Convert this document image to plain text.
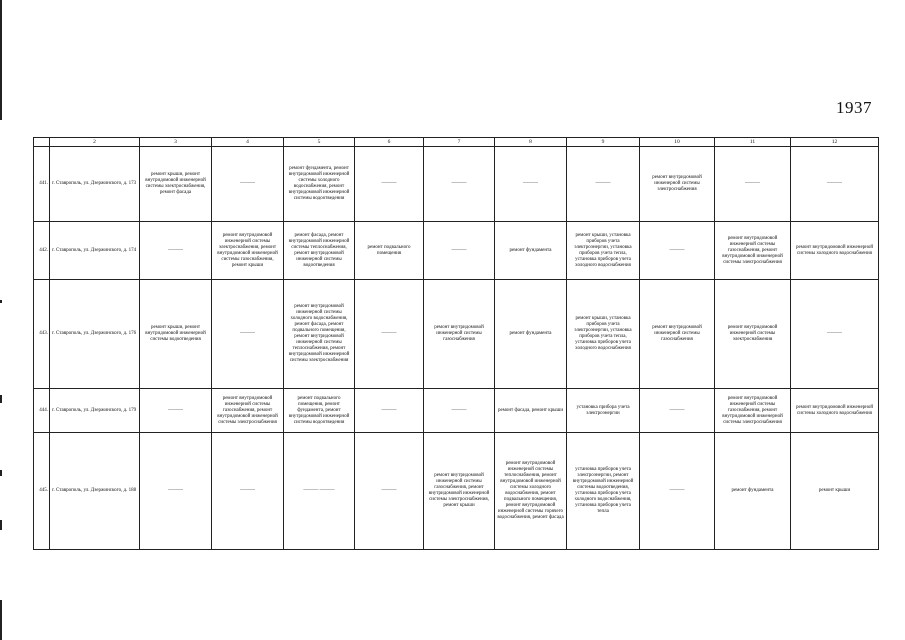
1937
	2	3	4	5	6	7	8	9	10	11	12
441.	г. Ставрополь, ул. Дзержинского, д. 173	ремонт крыши, ремонт внутридомовой инженерной системы электроснабжения, ремонт фасада	———	ремонт фундамента, ремонт внутридомовой инженерной системы холодного водоснабжения, ремонт внутридомовой инженерной системы водоотведения	———	———	———	———	ремонт внутридомовой инженерной системы электроснабжения	———	———
442.	г. Ставрополь, ул. Дзержинского, д. 174	———	ремонт внутридомовой инженерной системы электроснабжения, ремонт внутридомовой инженерной системы газоснабжения, ремонт крыши	ремонт фасада, ремонт внутридомовой инженерной системы теплоснабжения, ремонт внутридомовой инженерной системы водоотведения	ремонт подвального помещения	———	ремонт фундамента	ремонт крыши, установка приборов учета электроэнергии, установка приборов учета тепла, установка приборов учета холодного водоснабжения	———	ремонт внутридомовой инженерной системы газоснабжения, ремонт внутридомовой инженерной системы электроснабжения	ремонт внутридомовой инженерной системы холодного водоснабжения
443.	г. Ставрополь, ул. Дзержинского, д. 176	ремонт крыши, ремонт внутридомовой инженерной системы водоотведения	———	ремонт внутридомовой инженерной системы холодного водоснабжения, ремонт фасада, ремонт подвального помещения, ремонт внутридомовой инженерной системы теплоснабжения, ремонт внутридомовой инженерной системы электроснабжения	———	ремонт внутридомовой инженерной системы газоснабжения	ремонт фундамента	ремонт крыши, установка приборов учета электроэнергии, установка приборов учета тепла, установка приборов учета холодного водоснабжения	ремонт внутридомовой инженерной системы газоснабжения	ремонт внутридомовой инженерной системы электроснабжения	———
444.	г. Ставрополь, ул. Дзержинского, д. 179	———	ремонт внутридомовой инженерной системы газоснабжения, ремонт внутридомовой инженерной системы электроснабжения	ремонт подвального помещения, ремонт фундамента, ремонт внутридомовой инженерной системы водоотведения	———	———	ремонт фасада, ремонт крыши	установка прибора учета электроэнергии	———	ремонт внутридомовой инженерной системы газоснабжения, ремонт внутридомовой инженерной системы электроснабжения	ремонт внутридомовой инженерной системы холодного водоснабжения
445.	г. Ставрополь, ул. Дзержинского, д. 188	———	———	——— ———	———	ремонт внутридомовой инженерной системы газоснабжения, ремонт внутридомовой инженерной системы электроснабжения, ремонт крыши	ремонт внутридомовой инженерной системы теплоснабжения, ремонт внутридомовой инженерной системы холодного водоснабжения, ремонт подвального помещения, ремонт внутридомовой инженерной системы горячего водоснабжения, ремонт фасада	установка приборов учета электроэнергии, ремонт внутридомовой инженерной системы водоотведения, установка приборов учета холодного водоснабжения, установка приборов учета тепла	———	ремонт фундамента	ремонт крыши
